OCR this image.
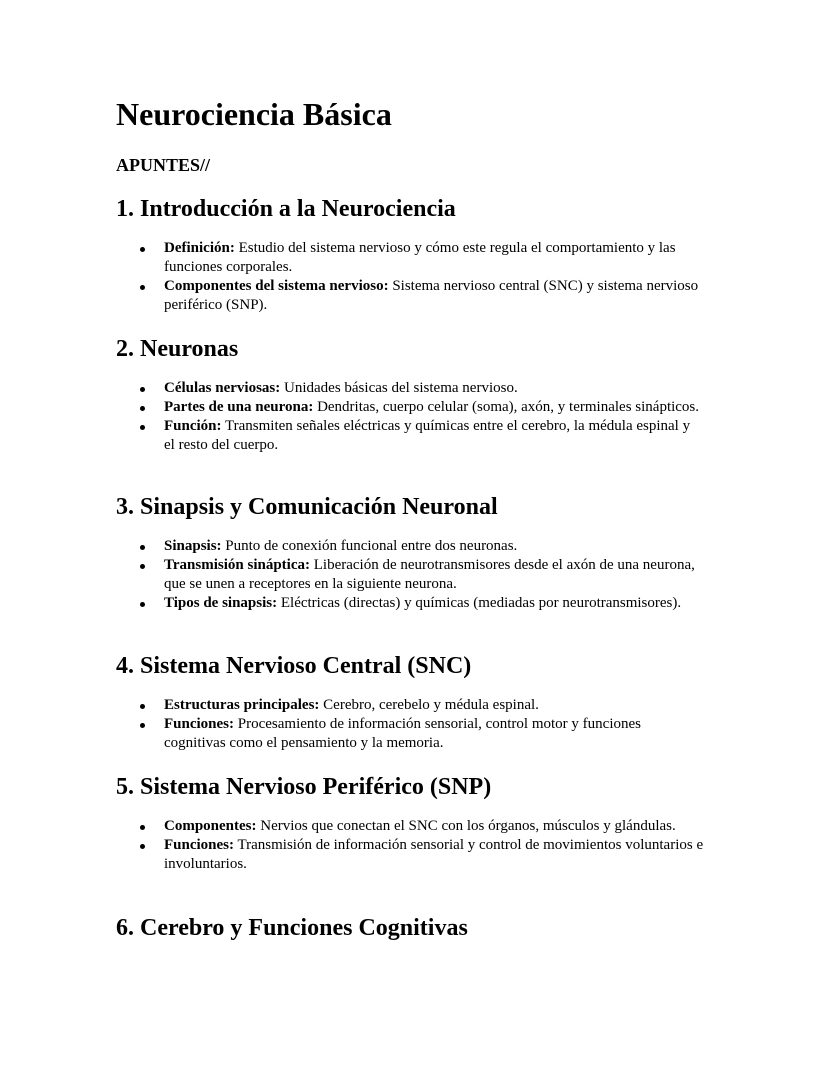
Neurociencia Básica

APUNTES//

1. Introducción a la Neurociencia
Definición: Estudio del sistema nervioso y cómo este regula el comportamiento y las funciones corporales.
Componentes del sistema nervioso: Sistema nervioso central (SNC) y sistema nervioso periférico (SNP).
2. Neuronas
Células nerviosas: Unidades básicas del sistema nervioso.
Partes de una neurona: Dendritas, cuerpo celular (soma), axón, y terminales sinápticos.
Función: Transmiten señales eléctricas y químicas entre el cerebro, la médula espinal y el resto del cuerpo.
3. Sinapsis y Comunicación Neuronal
Sinapsis: Punto de conexión funcional entre dos neuronas.
Transmisión sináptica: Liberación de neurotransmisores desde el axón de una neurona, que se unen a receptores en la siguiente neurona.
Tipos de sinapsis: Eléctricas (directas) y químicas (mediadas por neurotransmisores).
4. Sistema Nervioso Central (SNC)
Estructuras principales: Cerebro, cerebelo y médula espinal.
Funciones: Procesamiento de información sensorial, control motor y funciones cognitivas como el pensamiento y la memoria.
5. Sistema Nervioso Periférico (SNP)
Componentes: Nervios que conectan el SNC con los órganos, músculos y glándulas.
Funciones: Transmisión de información sensorial y control de movimientos voluntarios e involuntarios.
6. Cerebro y Funciones Cognitivas
